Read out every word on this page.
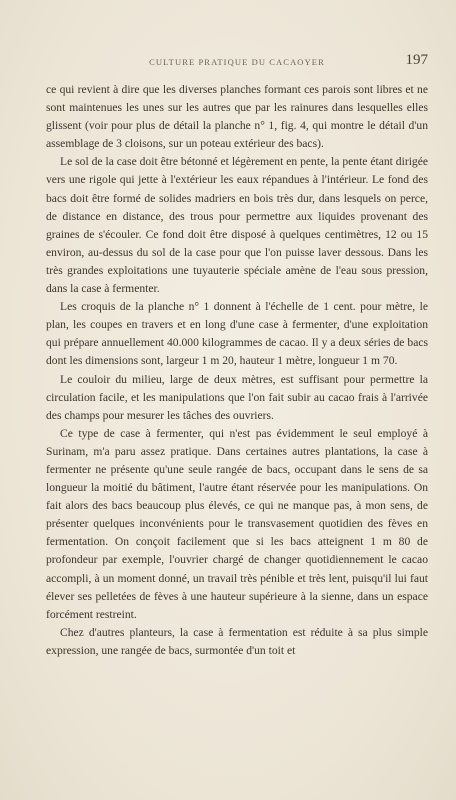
CULTURE PRATIQUE DU CACAOYER	197

ce qui revient à dire que les diverses planches formant ces parois sont libres et ne sont maintenues les unes sur les autres que par les rainures dans lesquelles elles glissent (voir pour plus de détail la planche n° 1, fig. 4, qui montre le détail d'un assemblage de 3 cloisons, sur un poteau extérieur des bacs).

Le sol de la case doit être bétonné et légèrement en pente, la pente étant dirigée vers une rigole qui jette à l'extérieur les eaux répandues à l'intérieur. Le fond des bacs doit être formé de solides madriers en bois très dur, dans lesquels on perce, de distance en distance, des trous pour permettre aux liquides provenant des graines de s'écouler. Ce fond doit être disposé à quelques centimètres, 12 ou 15 environ, au-dessus du sol de la case pour que l'on puisse laver dessous. Dans les très grandes exploitations une tuyauterie spéciale amène de l'eau sous pression, dans la case à fermenter.

Les croquis de la planche n° 1 donnent à l'échelle de 1 cent. pour mètre, le plan, les coupes en travers et en long d'une case à fermenter, d'une exploitation qui prépare annuellement 40.000 kilogrammes de cacao. Il y a deux séries de bacs dont les dimensions sont, largeur 1 m 20, hauteur 1 mètre, longueur 1 m 70.

Le couloir du milieu, large de deux mètres, est suffisant pour permettre la circulation facile, et les manipulations que l'on fait subir au cacao frais à l'arrivée des champs pour mesurer les tâches des ouvriers.

Ce type de case à fermenter, qui n'est pas évidemment le seul employé à Surinam, m'a paru assez pratique. Dans certaines autres plantations, la case à fermenter ne présente qu'une seule rangée de bacs, occupant dans le sens de sa longueur la moitié du bâtiment, l'autre étant réservée pour les manipulations. On fait alors des bacs beaucoup plus élevés, ce qui ne manque pas, à mon sens, de présenter quelques inconvénients pour le transvasement quotidien des fèves en fermentation. On conçoit facilement que si les bacs atteignent 1 m 80 de profondeur par exemple, l'ouvrier chargé de changer quotidiennement le cacao accompli, à un moment donné, un travail très pénible et très lent, puisqu'il lui faut élever ses pelletées de fèves à une hauteur supérieure à la sienne, dans un espace forcément restreint.

Chez d'autres planteurs, la case à fermentation est réduite à sa plus simple expression, une rangée de bacs, surmontée d'un toit et
